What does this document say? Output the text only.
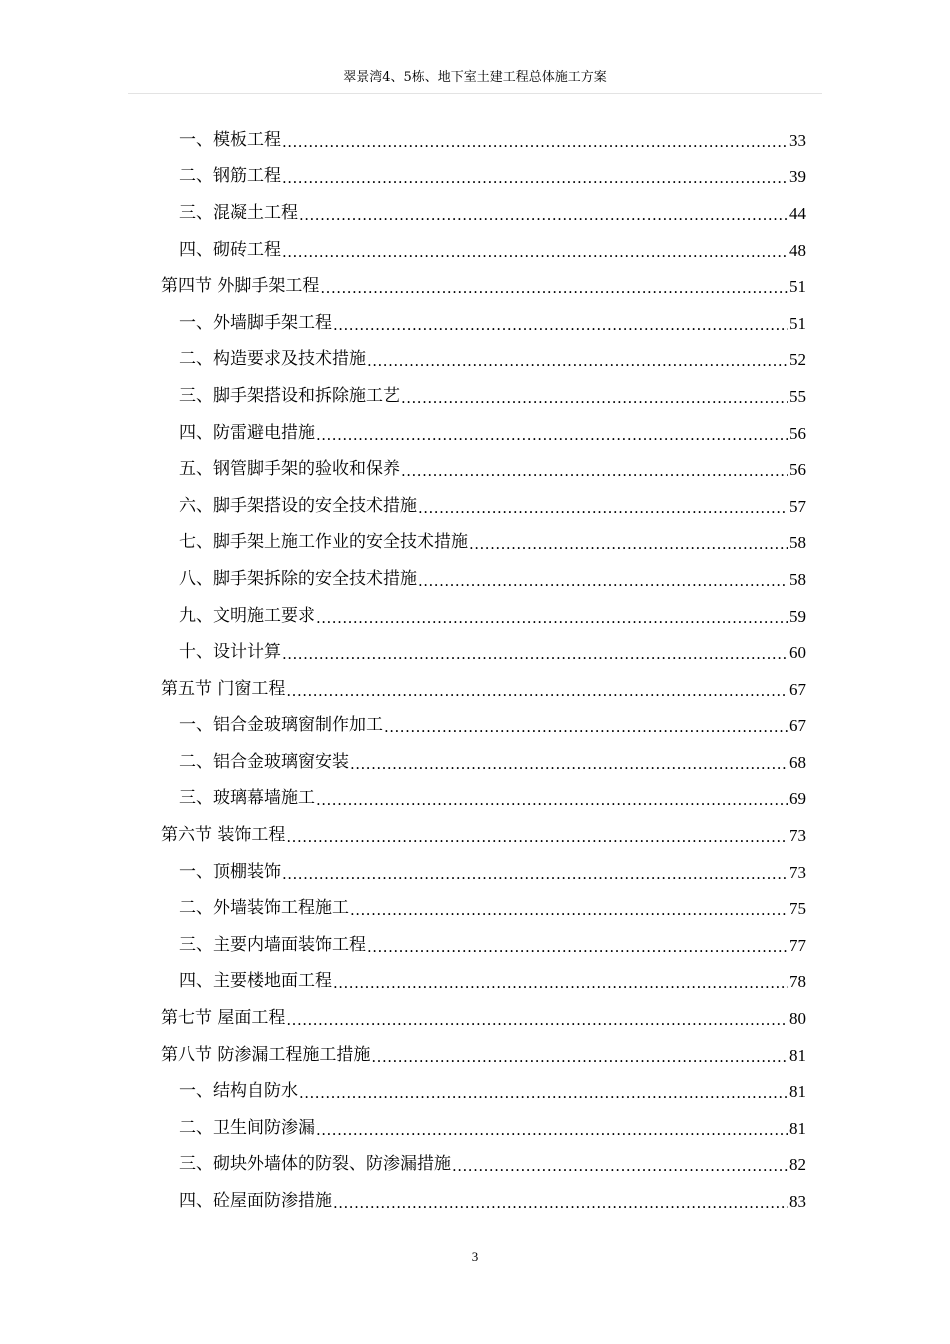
翠景湾4、5栋、地下室土建工程总体施工方案
一、模板工程 .....	33
二、钢筋工程 .....	39
三、混凝土工程 .....	44
四、砌砖工程 .....	48
第四节 外脚手架工程 .....	51
一、外墙脚手架工程 .....	51
二、构造要求及技术措施 .....	52
三、脚手架搭设和拆除施工艺 .....	55
四、防雷避电措施 .....	56
五、钢管脚手架的验收和保养 .....	56
六、脚手架搭设的安全技术措施 .....	57
七、脚手架上施工作业的安全技术措施 .....	58
八、脚手架拆除的安全技术措施 .....	58
九、文明施工要求 .....	59
十、设计计算 .....	60
第五节 门窗工程 .....	67
一、铝合金玻璃窗制作加工 .....	67
二、铝合金玻璃窗安装 .....	68
三、玻璃幕墙施工 .....	69
第六节 装饰工程 .....	73
一、顶棚装饰 .....	73
二、外墙装饰工程施工 .....	75
三、主要内墙面装饰工程 .....	77
四、主要楼地面工程 .....	78
第七节 屋面工程 .....	80
第八节 防渗漏工程施工措施 .....	81
一、结构自防水 .....	81
二、卫生间防渗漏 .....	81
三、砌块外墙体的防裂、防渗漏措施 .....	82
四、砼屋面防渗措施 .....	83
3
